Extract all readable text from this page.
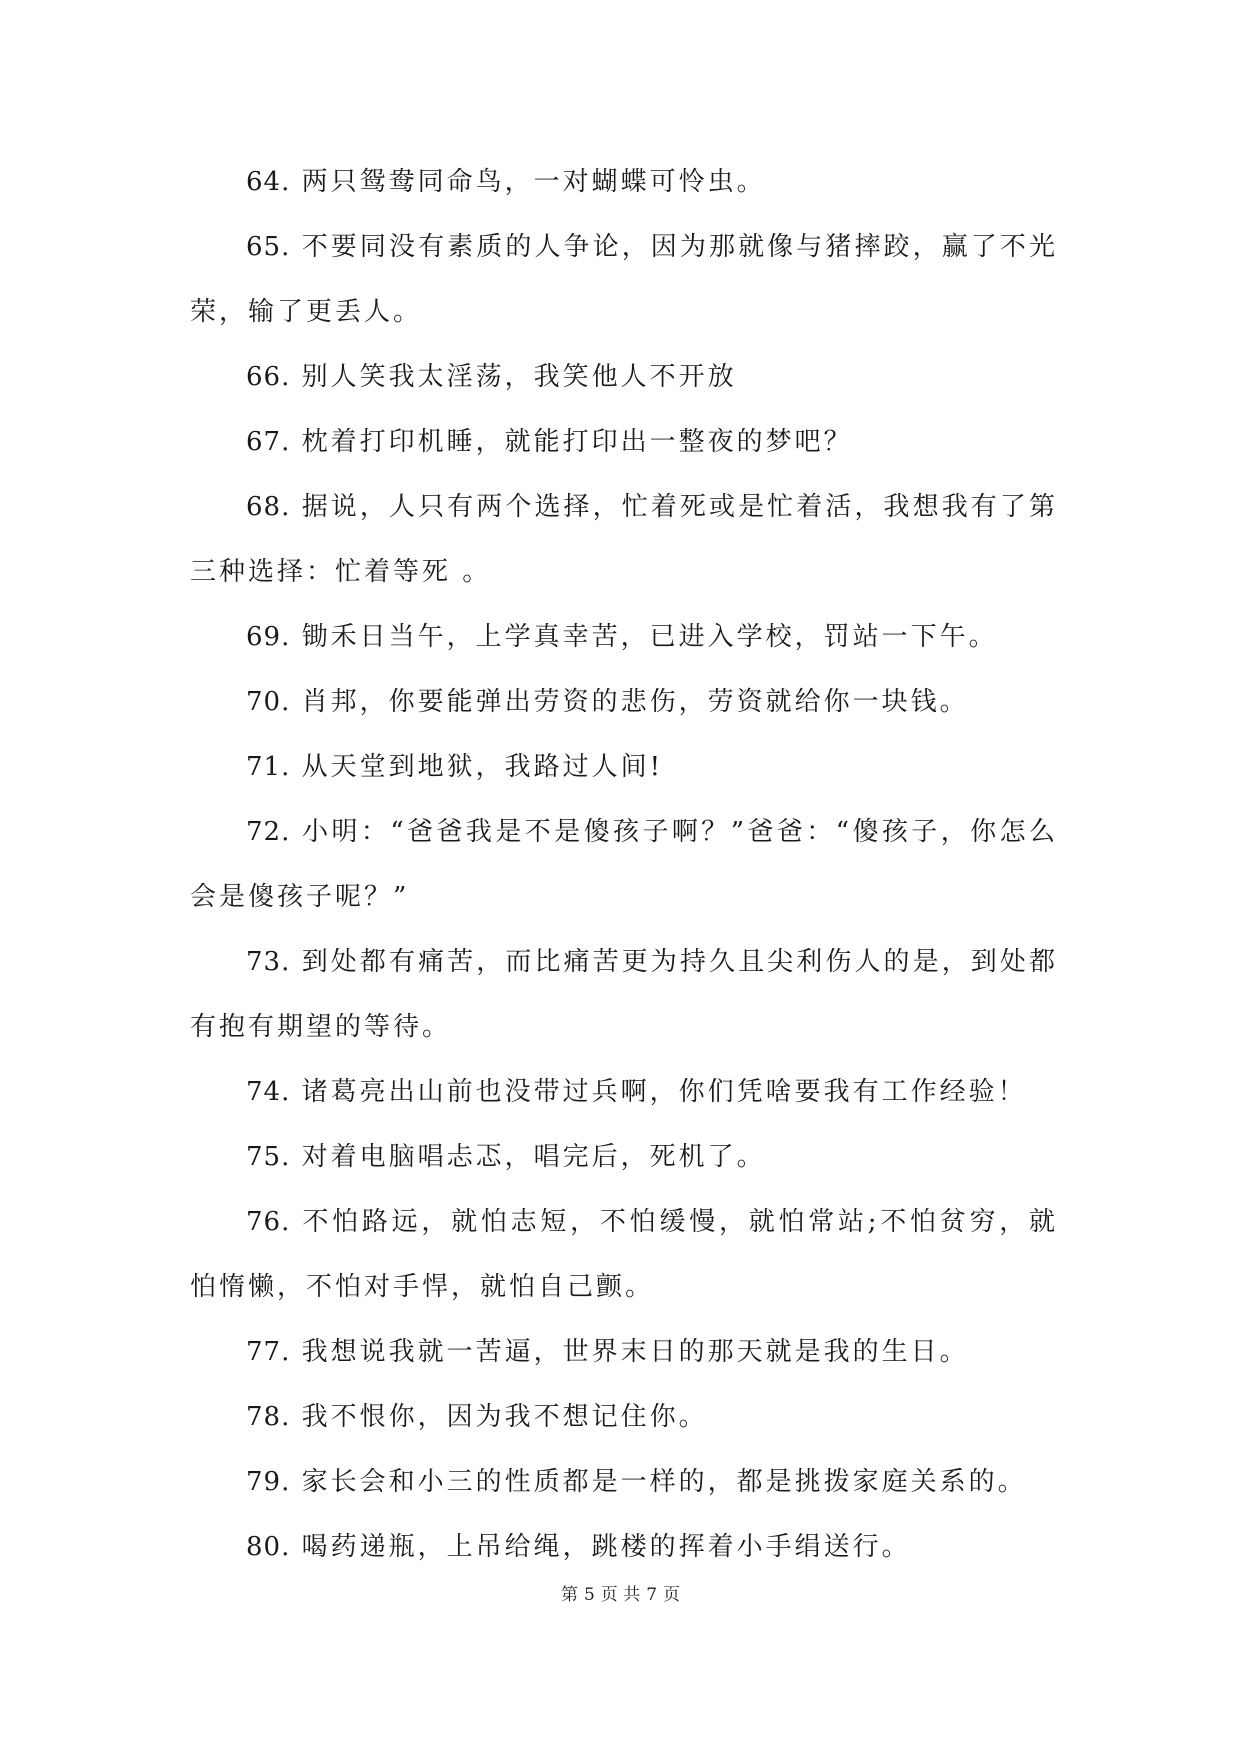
64. 两只鸳鸯同命鸟，一对蝴蝶可怜虫。

65. 不要同没有素质的人争论，因为那就像与猪摔跤，赢了不光荣，输了更丢人。

66. 别人笑我太淫荡，我笑他人不开放

67. 枕着打印机睡，就能打印出一整夜的梦吧？

68. 据说，人只有两个选择，忙着死或是忙着活，我想我有了第三种选择：忙着等死 。

69. 锄禾日当午，上学真幸苦，已进入学校，罚站一下午。

70. 肖邦，你要能弹出劳资的悲伤，劳资就给你一块钱。

71. 从天堂到地狱，我路过人间!

72. 小明：“爸爸我是不是傻孩子啊？”爸爸：“傻孩子，你怎么会是傻孩子呢？”

73. 到处都有痛苦，而比痛苦更为持久且尖利伤人的是，到处都有抱有期望的等待。

74. 诸葛亮出山前也没带过兵啊，你们凭啥要我有工作经验！

75. 对着电脑唱忐忑，唱完后，死机了。

76. 不怕路远，就怕志短，不怕缓慢，就怕常站;不怕贫穷，就怕惰懒，不怕对手悍，就怕自己颤。

77. 我想说我就一苦逼，世界末日的那天就是我的生日。

78. 我不恨你，因为我不想记住你。

79. 家长会和小三的性质都是一样的，都是挑拨家庭关系的。

80. 喝药递瓶，上吊给绳，跳楼的挥着小手绢送行。

第 5 页 共 7 页
